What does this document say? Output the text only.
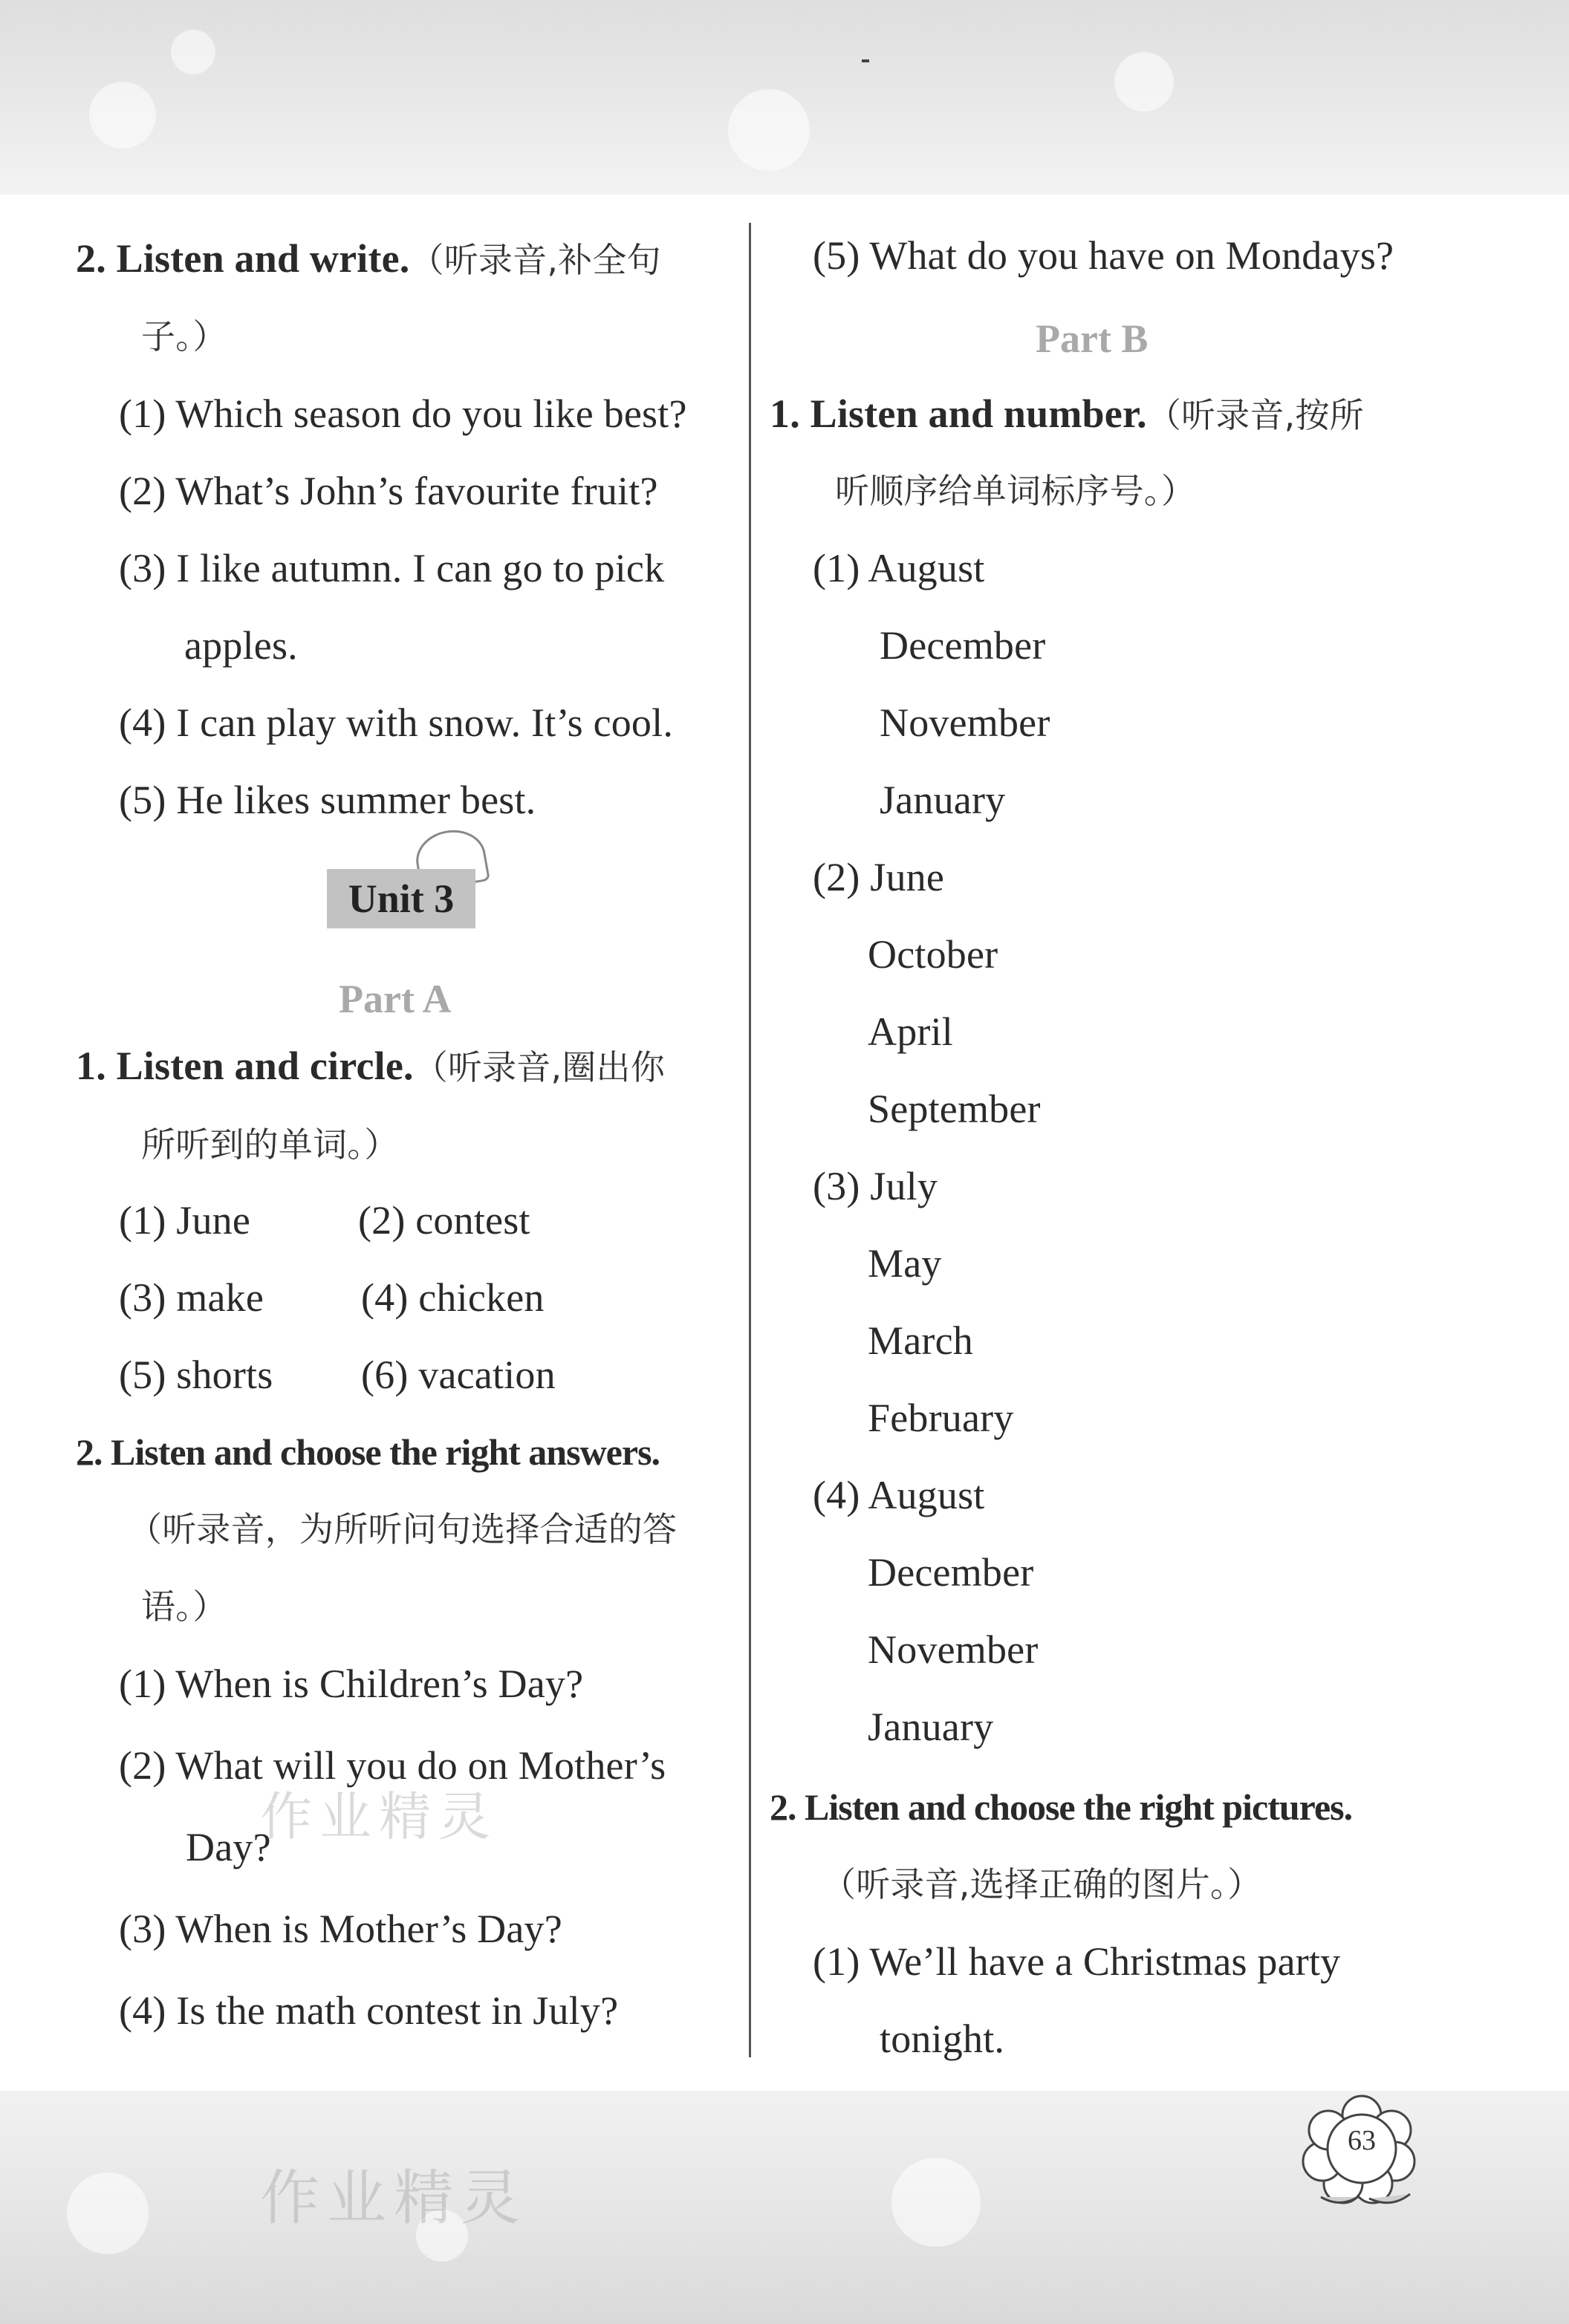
2. Listen and write.（听录音,补全句
子。）
(1) Which season do you like best?
(2) What’s John’s favourite fruit?
(3) I like autumn. I can go to pick
apples.
(4) I can play with snow. It’s cool.
(5) He likes summer best.
Unit 3
Part A
1. Listen and circle.（听录音,圈出你
所听到的单词。）
(1) June	(2) contest
(3) make (4) chicken
(5) shorts (6) vacation
2. Listen and choose the right answers.
（听录音，为所听问句选择合适的答
语。）
(1) When is Children’s Day?
(2) What will you do on Mother’s
Day?
(3) When is Mother’s Day?
(4) Is the math contest in July?
作业精灵
(5) What do you have on Mondays?
Part B
1. Listen and number.（听录音,按所
听顺序给单词标序号。）
(1) August
December
November
January
(2) June
October
April
September
(3) July
May
March
February
(4) August
December
November
January
2. Listen and choose the right pictures.
（听录音,选择正确的图片。）
(1) We’ll have a Christmas party
tonight.
作业精灵
63
